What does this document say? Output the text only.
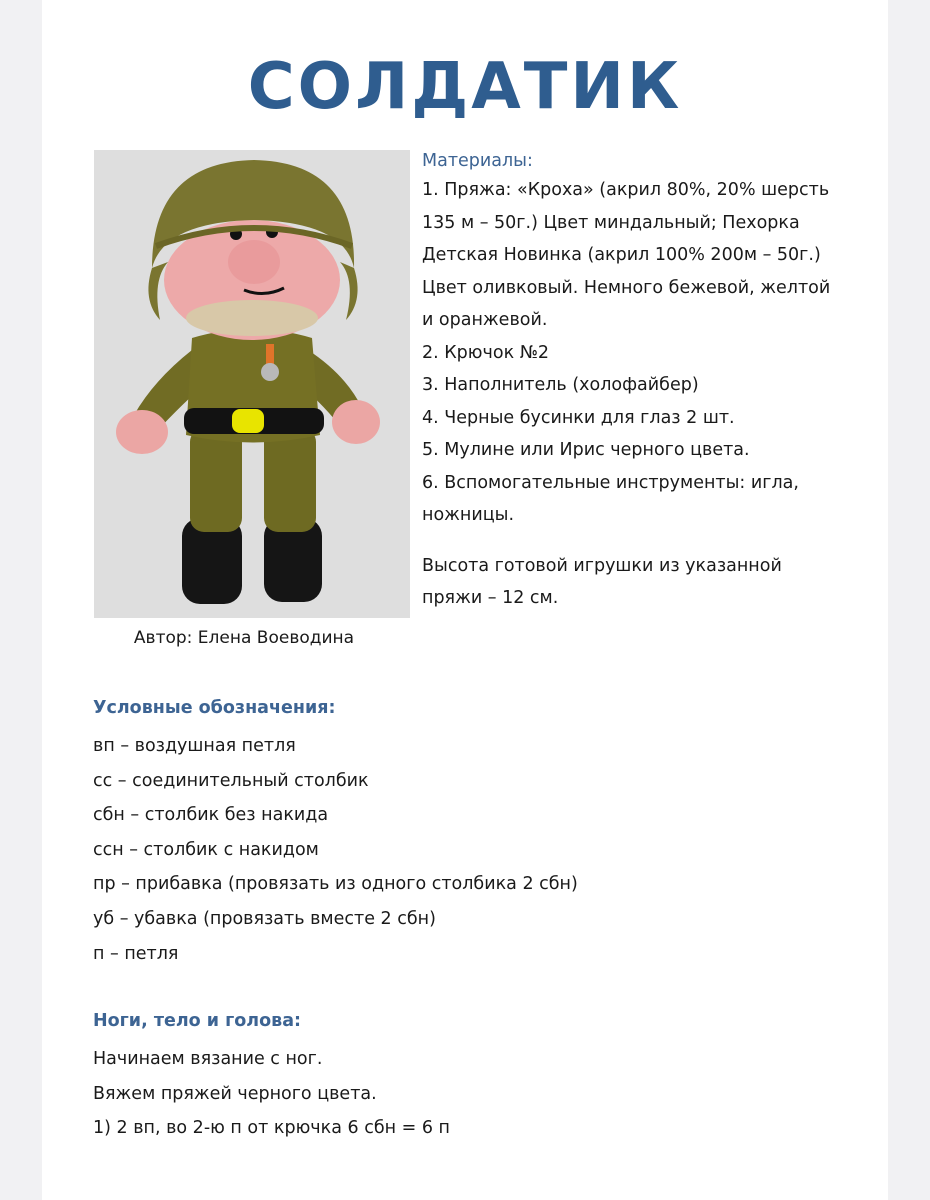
СОЛДАТИК
Автор: Елена Воеводина

Материалы:

1. Пряжа: «Кроха» (акрил 80%, 20% шерсть 135 м – 50г.) Цвет миндальный; Пехорка Детская Новинка (акрил 100% 200м – 50г.) Цвет оливковый. Немного бежевой, желтой и оранжевой.

2. Крючок №2

3. Наполнитель (холофайбер)

4. Черные бусинки для глаз 2 шт.

5. Мулине или Ирис черного цвета.

6. Вспомогательные инструменты: игла, ножницы.

Высота готовой игрушки из указанной пряжи – 12 см.

Условные обозначения:

вп – воздушная петля
сс – соединительный столбик
сбн – столбик без накида
ссн – столбик с накидом
пр – прибавка (провязать из одного столбика 2 сбн)
уб – убавка (провязать вместе 2 сбн)
п – петля

Ноги, тело и голова:

Начинаем вязание с ног.
Вяжем пряжей черного цвета.
1) 2 вп, во 2-ю п от крючка 6 сбн = 6 п
